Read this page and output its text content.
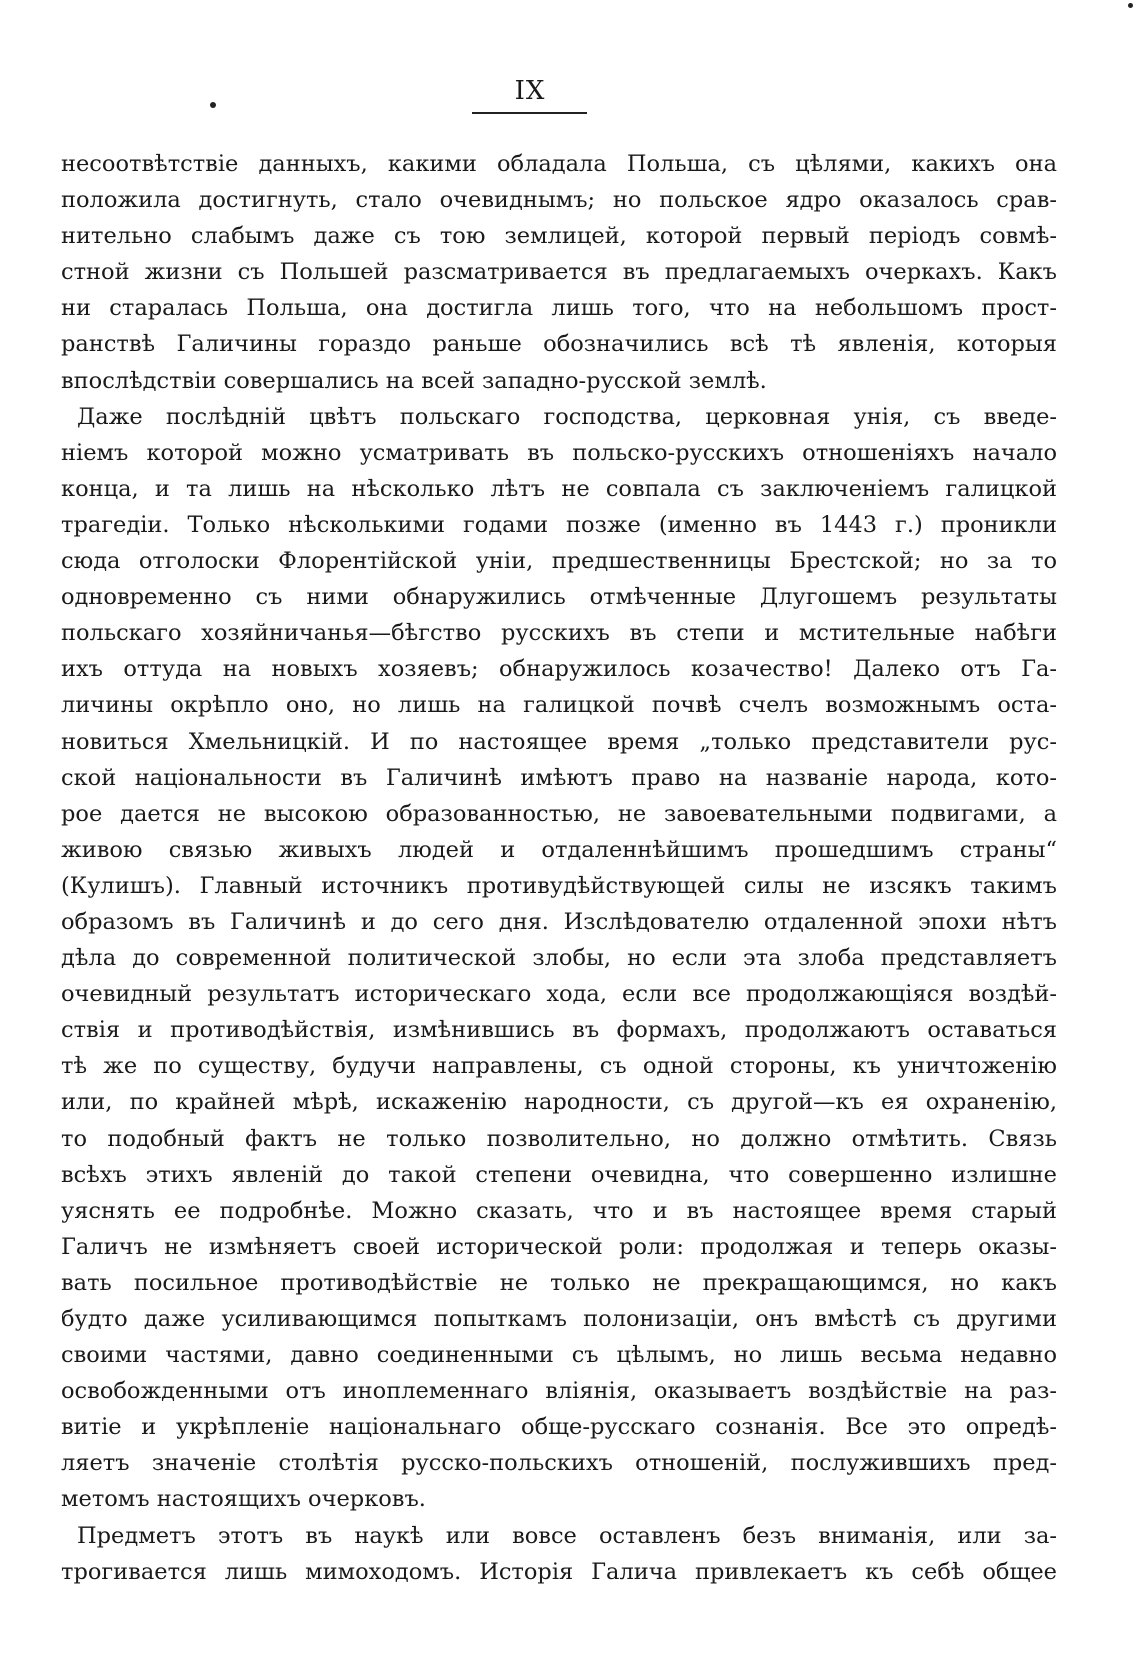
IX
несоотвѣтствіе данныхъ, какими обладала Польша, съ цѣлями, какихъ она
положила достигнуть, стало очевиднымъ; но польское ядро оказалось срав-
нительно слабымъ даже съ тою землицей, которой первый періодъ совмѣ-
стной жизни съ Польшей разсматривается въ предлагаемыхъ очеркахъ. Какъ
ни старалась Польша, она достигла лишь того, что на небольшомъ прост-
ранствѣ Галичины гораздо раньше обозначились всѣ тѣ явленія, которыя
впослѣдствіи совершались на всей западно-русской землѣ.
Даже послѣдній цвѣтъ польскаго господства, церковная унія, съ введе-
ніемъ которой можно усматривать въ польско-русскихъ отношеніяхъ начало
конца, и та лишь на нѣсколько лѣтъ не совпала съ заключеніемъ галицкой
трагедіи. Только нѣсколькими годами позже (именно въ 1443 г.) проникли
сюда отголоски Флорентійской уніи, предшественницы Брестской; но за то
одновременно съ ними обнаружились отмѣченные Длугошемъ результаты
польскаго хозяйничанья—бѣгство русскихъ въ степи и мстительные набѣги
ихъ оттуда на новыхъ хозяевъ; обнаружилось козачество! Далеко отъ Га-
личины окрѣпло оно, но лишь на галицкой почвѣ счелъ возможнымъ оста-
новиться Хмельницкій. И по настоящее время „только представители рус-
ской національности въ Галичинѣ имѣютъ право на названіе народа, кото-
рое дается не высокою образованностью, не завоевательными подвигами, а
живою связью живыхъ людей и отдаленнѣйшимъ прошедшимъ страны“
(Кулишъ). Главный источникъ противудѣйствующей силы не изсякъ такимъ
образомъ въ Галичинѣ и до сего дня. Изслѣдователю отдаленной эпохи нѣтъ
дѣла до современной политической злобы, но если эта злоба представляетъ
очевидный результатъ историческаго хода, если все продолжающіяся воздѣй-
ствія и противодѣйствія, измѣнившись въ формахъ, продолжаютъ оставаться
тѣ же по существу, будучи направлены, съ одной стороны, къ уничтоженію
или, по крайней мѣрѣ, искаженію народности, съ другой—къ ея охраненію,
то подобный фактъ не только позволительно, но должно отмѣтить. Связь
всѣхъ этихъ явленій до такой степени очевидна, что совершенно излишне
уяснять ее подробнѣе. Можно сказать, что и въ настоящее время старый
Галичъ не измѣняетъ своей исторической роли: продолжая и теперь оказы-
вать посильное противодѣйствіе не только не прекращающимся, но какъ
будто даже усиливающимся попыткамъ полонизаціи, онъ вмѣстѣ съ другими
своими частями, давно соединенными съ цѣлымъ, но лишь весьма недавно
освобожденными отъ иноплеменнаго вліянія, оказываетъ воздѣйствіе на раз-
витіе и укрѣпленіе національнаго обще-русскаго сознанія. Все это опредѣ-
ляетъ значеніе столѣтія русско-польскихъ отношеній, послужившихъ пред-
метомъ настоящихъ очерковъ.
Предметъ этотъ въ наукѣ или вовсе оставленъ безъ вниманія, или за-
трогивается лишь мимоходомъ. Исторія Галича привлекаетъ къ себѣ общее
